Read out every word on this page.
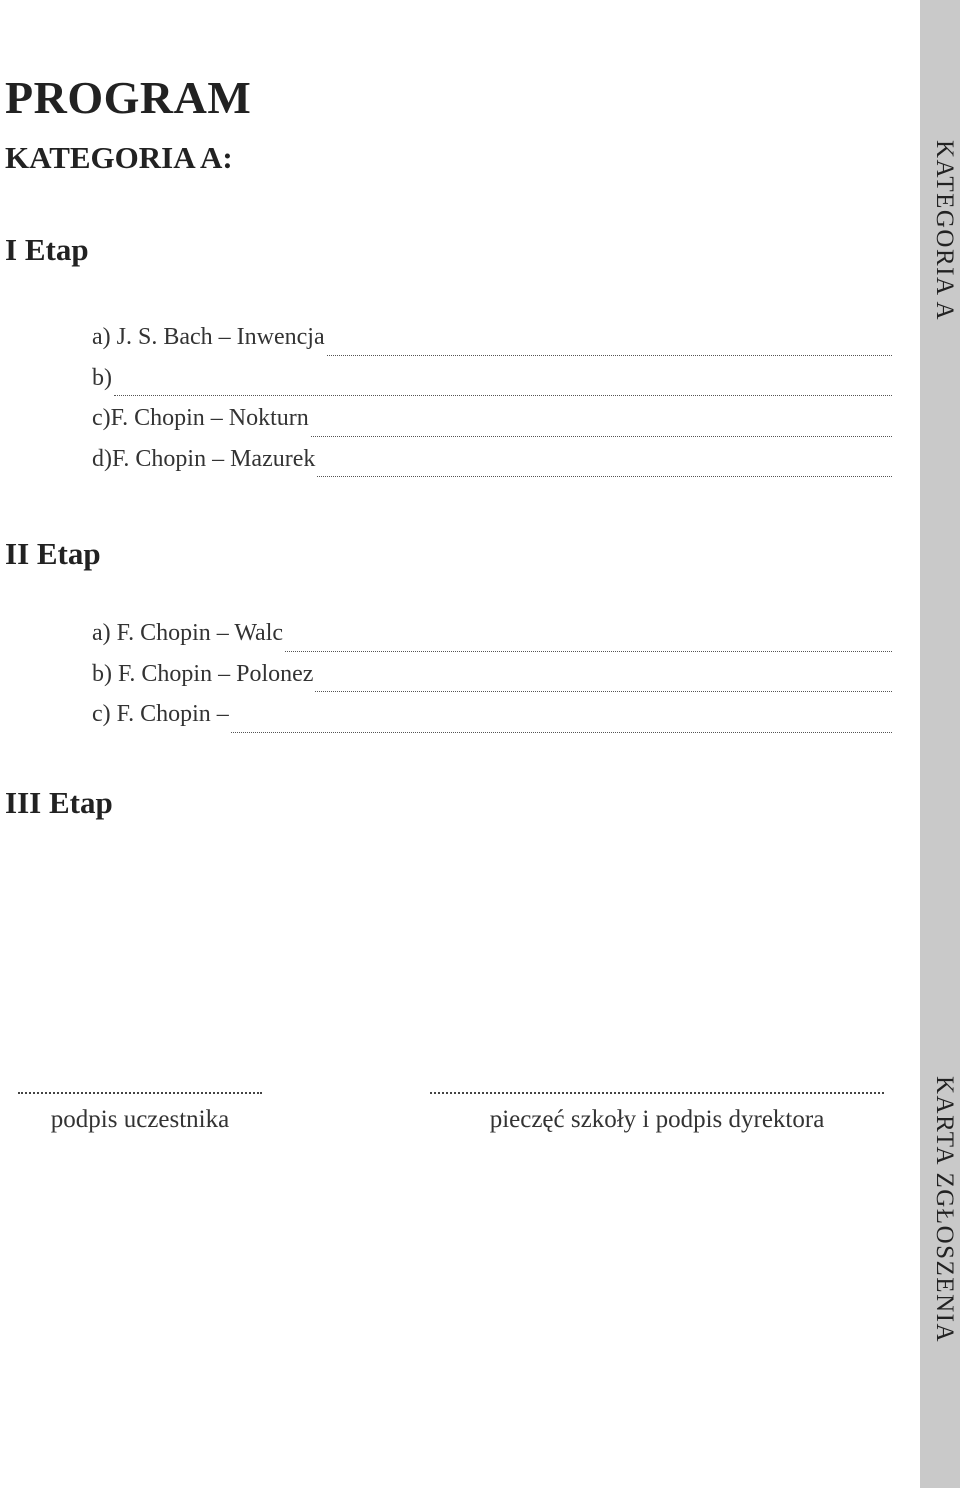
PROGRAM
KATEGORIA A:
I Etap
a) J. S. Bach – Inwencja
b)
c)F. Chopin – Nokturn
d)F. Chopin – Mazurek
II Etap
a) F. Chopin – Walc
b) F. Chopin – Polonez
c) F. Chopin –
III Etap
podpis uczestnika	pieczęć szkoły i podpis dyrektora
KATEGORIA A
KARTA ZGŁOSZENIA
